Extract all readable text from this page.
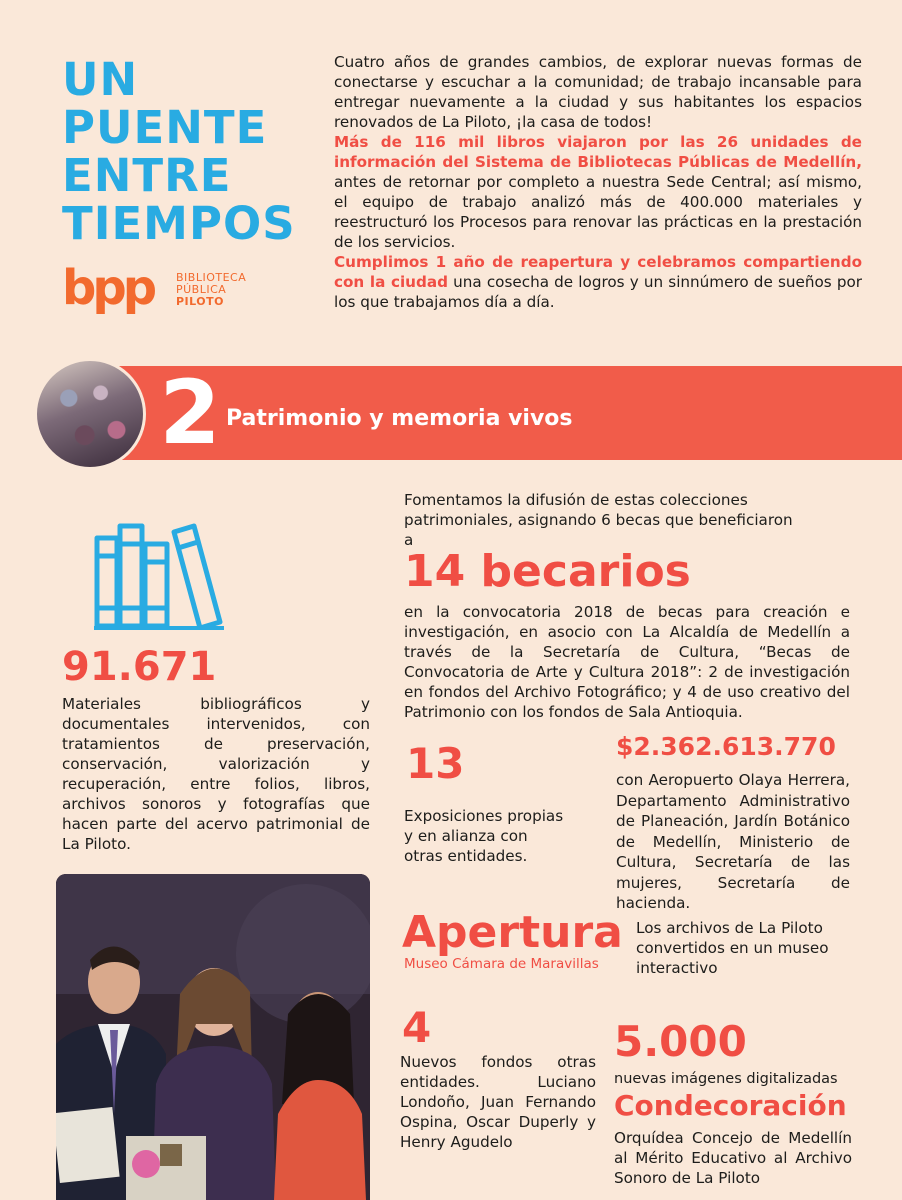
UN
PUENTE
ENTRE
TIEMPOS
bpp BIBLIOTECA
PÚBLICA
PILOTO

Cuatro años de grandes cambios, de explorar nuevas formas de conectarse y escuchar a la comunidad; de trabajo incansable para entregar nuevamente a la ciudad y sus habitantes los espacios renovados de La Piloto, ¡la casa de todos!

Más de 116 mil libros viajaron por las 26 unidades de información del Sistema de Bibliotecas Públicas de Medellín, antes de retornar por completo a nuestra Sede Central; así mismo, el equipo de trabajo analizó más de 400.000 materiales y reestructuró los Procesos para renovar las prácticas en la prestación de los servicios.

Cumplimos 1 año de reapertura y celebramos compartiendo con la ciudad una cosecha de logros y un sinnúmero de sueños por los que trabajamos día a día.

2 Patrimonio y memoria vivos
91.671
Materiales bibliográficos y documentales intervenidos, con tratamientos de preservación, conservación, valorización y recuperación, entre folios, libros, archivos sonoros y fotografías que hacen parte del acervo patrimonial de La Piloto.
Fomentamos la difusión de estas colecciones patrimoniales, asignando 6 becas que beneficiaron a
14 becarios
en la convocatoria 2018 de becas para creación e investigación, en asocio con La Alcaldía de Medellín a través de la Secretaría de Cultura, “Becas de Convocatoria de Arte y Cultura 2018”: 2 de investigación en fondos del Archivo Fotográfico; y 4 de uso creativo del Patrimonio con los fondos de Sala Antioquia.
13
Exposiciones propias y en alianza con otras entidades.
$2.362.613.770
con Aeropuerto Olaya Herrera, Departamento Administrativo de Planeación, Jardín Botánico de Medellín, Ministerio de Cultura, Secretaría de las mujeres, Secretaría de hacienda.
Apertura
Museo Cámara de Maravillas
Los archivos de La Piloto convertidos en un museo interactivo
4
Nuevos fondos otras entidades. Luciano Londoño, Juan Fernando Ospina, Oscar Duperly y Henry Agudelo
5.000
nuevas imágenes digitalizadas
Condecoración
Orquídea Concejo de Medellín al Mérito Educativo al Archivo Sonoro de La Piloto
